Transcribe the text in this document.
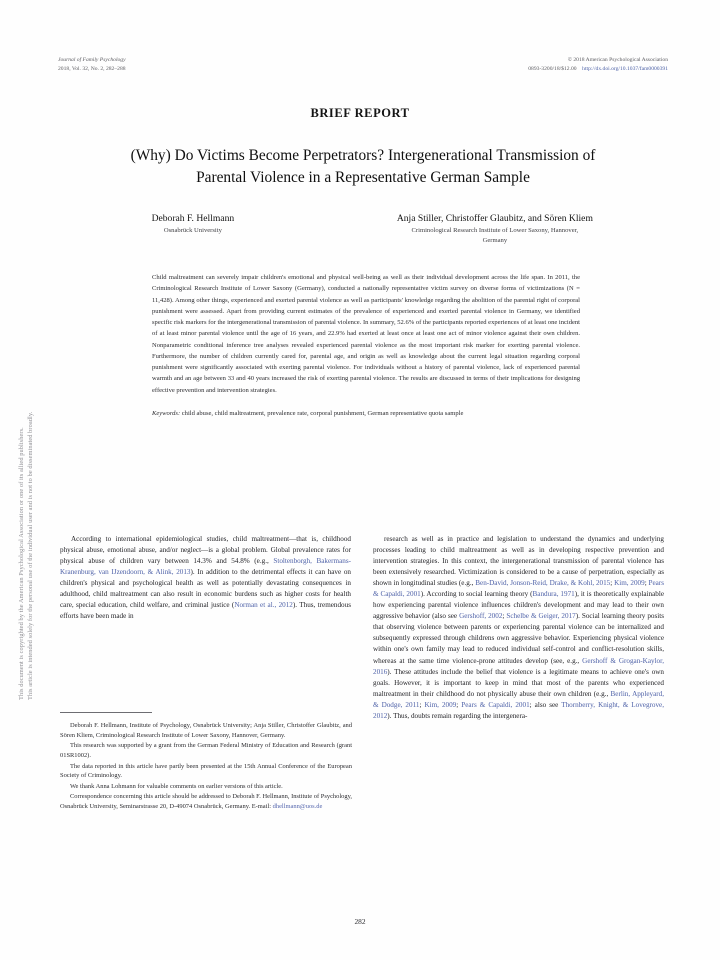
This document is copyrighted by the American Psychological Association or one of its allied publishers. This article is intended solely for the personal use of the individual user and is not to be disseminated broadly.
Journal of Family Psychology
2018, Vol. 32, No. 2, 282–288
© 2018 American Psychological Association
0893-3200/18/$12.00 http://dx.doi.org/10.1037/fam0000391
BRIEF REPORT
(Why) Do Victims Become Perpetrators? Intergenerational Transmission of
Parental Violence in a Representative German Sample
Deborah F. Hellmann
Osnabrück University
Anja Stiller, Christoffer Glaubitz, and Sören Kliem
Criminological Research Institute of Lower Saxony, Hannover,
Germany

Child maltreatment can severely impair children's emotional and physical well-being as well as their individual development across the life span. In 2011, the Criminological Research Institute of Lower Saxony (Germany), conducted a nationally representative victim survey on diverse forms of victimizations (N = 11,428). Among other things, experienced and exerted parental violence as well as participants' knowledge regarding the abolition of the parental right of corporal punishment were assessed. Apart from providing current estimates of the prevalence of experienced and exerted parental violence in Germany, we identified specific risk markers for the intergenerational transmission of parental violence. In summary, 52.6% of the participants reported experiences of at least one incident of at least minor parental violence until the age of 16 years, and 22.9% had exerted at least once at least one act of minor violence against their own children. Nonparametric conditional inference tree analyses revealed experienced parental violence as the most important risk marker for exerting parental violence. Furthermore, the number of children currently cared for, parental age, and origin as well as knowledge about the current legal situation regarding corporal punishment were significantly associated with exerting parental violence. For individuals without a history of parental violence, lack of experienced parental warmth and an age between 33 and 40 years increased the risk of exerting parental violence. The results are discussed in terms of their implications for designing effective prevention and intervention strategies.

Keywords: child abuse, child maltreatment, prevalence rate, corporal punishment, German representative quota sample

According to international epidemiological studies, child maltreatment—that is, childhood physical abuse, emotional abuse, and/or neglect—is a global problem. Global prevalence rates for physical abuse of children vary between 14.3% and 54.8% (e.g., Stoltenborgh, Bakermans-Kranenburg, van IJzendoorn, & Alink, 2013). In addition to the detrimental effects it can have on children's physical and psychological health as well as potentially devastating consequences in adulthood, child maltreatment can also result in economic burdens such as higher costs for health care, special education, child welfare, and criminal justice (Norman et al., 2012). Thus, tremendous efforts have been made in

research as well as in practice and legislation to understand the dynamics and underlying processes leading to child maltreatment as well as in developing respective prevention and intervention strategies. In this context, the intergenerational transmission of parental violence has been extensively researched. Victimization is considered to be a cause of perpetration, especially as shown in longitudinal studies (e.g., Ben-David, Jonson-Reid, Drake, & Kohl, 2015; Kim, 2009; Pears & Capaldi, 2001). According to social learning theory (Bandura, 1971), it is theoretically explainable how experiencing parental violence influences children's development and may lead to their own aggressive behavior (also see Gershoff, 2002; Schelbe & Geiger, 2017). Social learning theory posits that observing violence between parents or experiencing parental violence can be internalized and subsequently expressed through childrens own aggressive behavior. Experiencing physical violence within one's own family may lead to reduced individual self-control and conflict-resolution skills, whereas at the same time violence-prone attitudes develop (see, e.g., Gershoff & Grogan-Kaylor, 2016). These attitudes include the belief that violence is a legitimate means to achieve one's own goals. However, it is important to keep in mind that most of the parents who experienced maltreatment in their childhood do not physically abuse their own children (e.g., Berlin, Appleyard, & Dodge, 2011; Kim, 2009; Pears & Capaldi, 2001; also see Thornberry, Knight, & Lovegrove, 2012). Thus, doubts remain regarding the intergenera-

Deborah F. Hellmann, Institute of Psychology, Osnabrück University; Anja Stiller, Christoffer Glaubitz, and Sören Kliem, Criminological Research Institute of Lower Saxony, Hannover, Germany.

This research was supported by a grant from the German Federal Ministry of Education and Research (grant 01SR1002).

The data reported in this article have partly been presented at the 15th Annual Conference of the European Society of Criminology.

We thank Anna Lohmann for valuable comments on earlier versions of this article.

Correspondence concerning this article should be addressed to Deborah F. Hellmann, Institute of Psychology, Osnabrück University, Seminarstrasse 20, D-49074 Osnabrück, Germany. E-mail: dhellmann@uos.de

282
